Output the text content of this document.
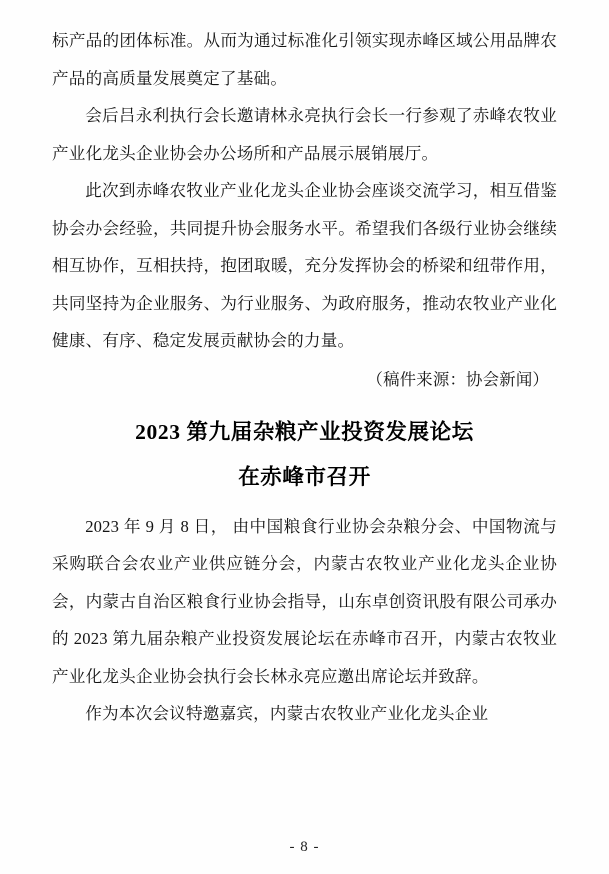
标产品的团体标准。从而为通过标准化引领实现赤峰区域公用品牌农产品的高质量发展奠定了基础。

会后吕永利执行会长邀请林永亮执行会长一行参观了赤峰农牧业产业化龙头企业协会办公场所和产品展示展销展厅。

此次到赤峰农牧业产业化龙头企业协会座谈交流学习，相互借鉴协会办会经验，共同提升协会服务水平。希望我们各级行业协会继续相互协作，互相扶持，抱团取暖，充分发挥协会的桥梁和纽带作用，共同坚持为企业服务、为行业服务、为政府服务，推动农牧业产业化健康、有序、稳定发展贡献协会的力量。

（稿件来源：协会新闻）

2023 第九届杂粮产业投资发展论坛
在赤峰市召开

2023 年 9 月 8 日， 由中国粮食行业协会杂粮分会、中国物流与采购联合会农业产业供应链分会，内蒙古农牧业产业化龙头企业协会，内蒙古自治区粮食行业协会指导，山东卓创资讯股有限公司承办的 2023 第九届杂粮产业投资发展论坛在赤峰市召开，内蒙古农牧业产业化龙头企业协会执行会长林永亮应邀出席论坛并致辞。

作为本次会议特邀嘉宾，内蒙古农牧业产业化龙头企业

- 8 -
